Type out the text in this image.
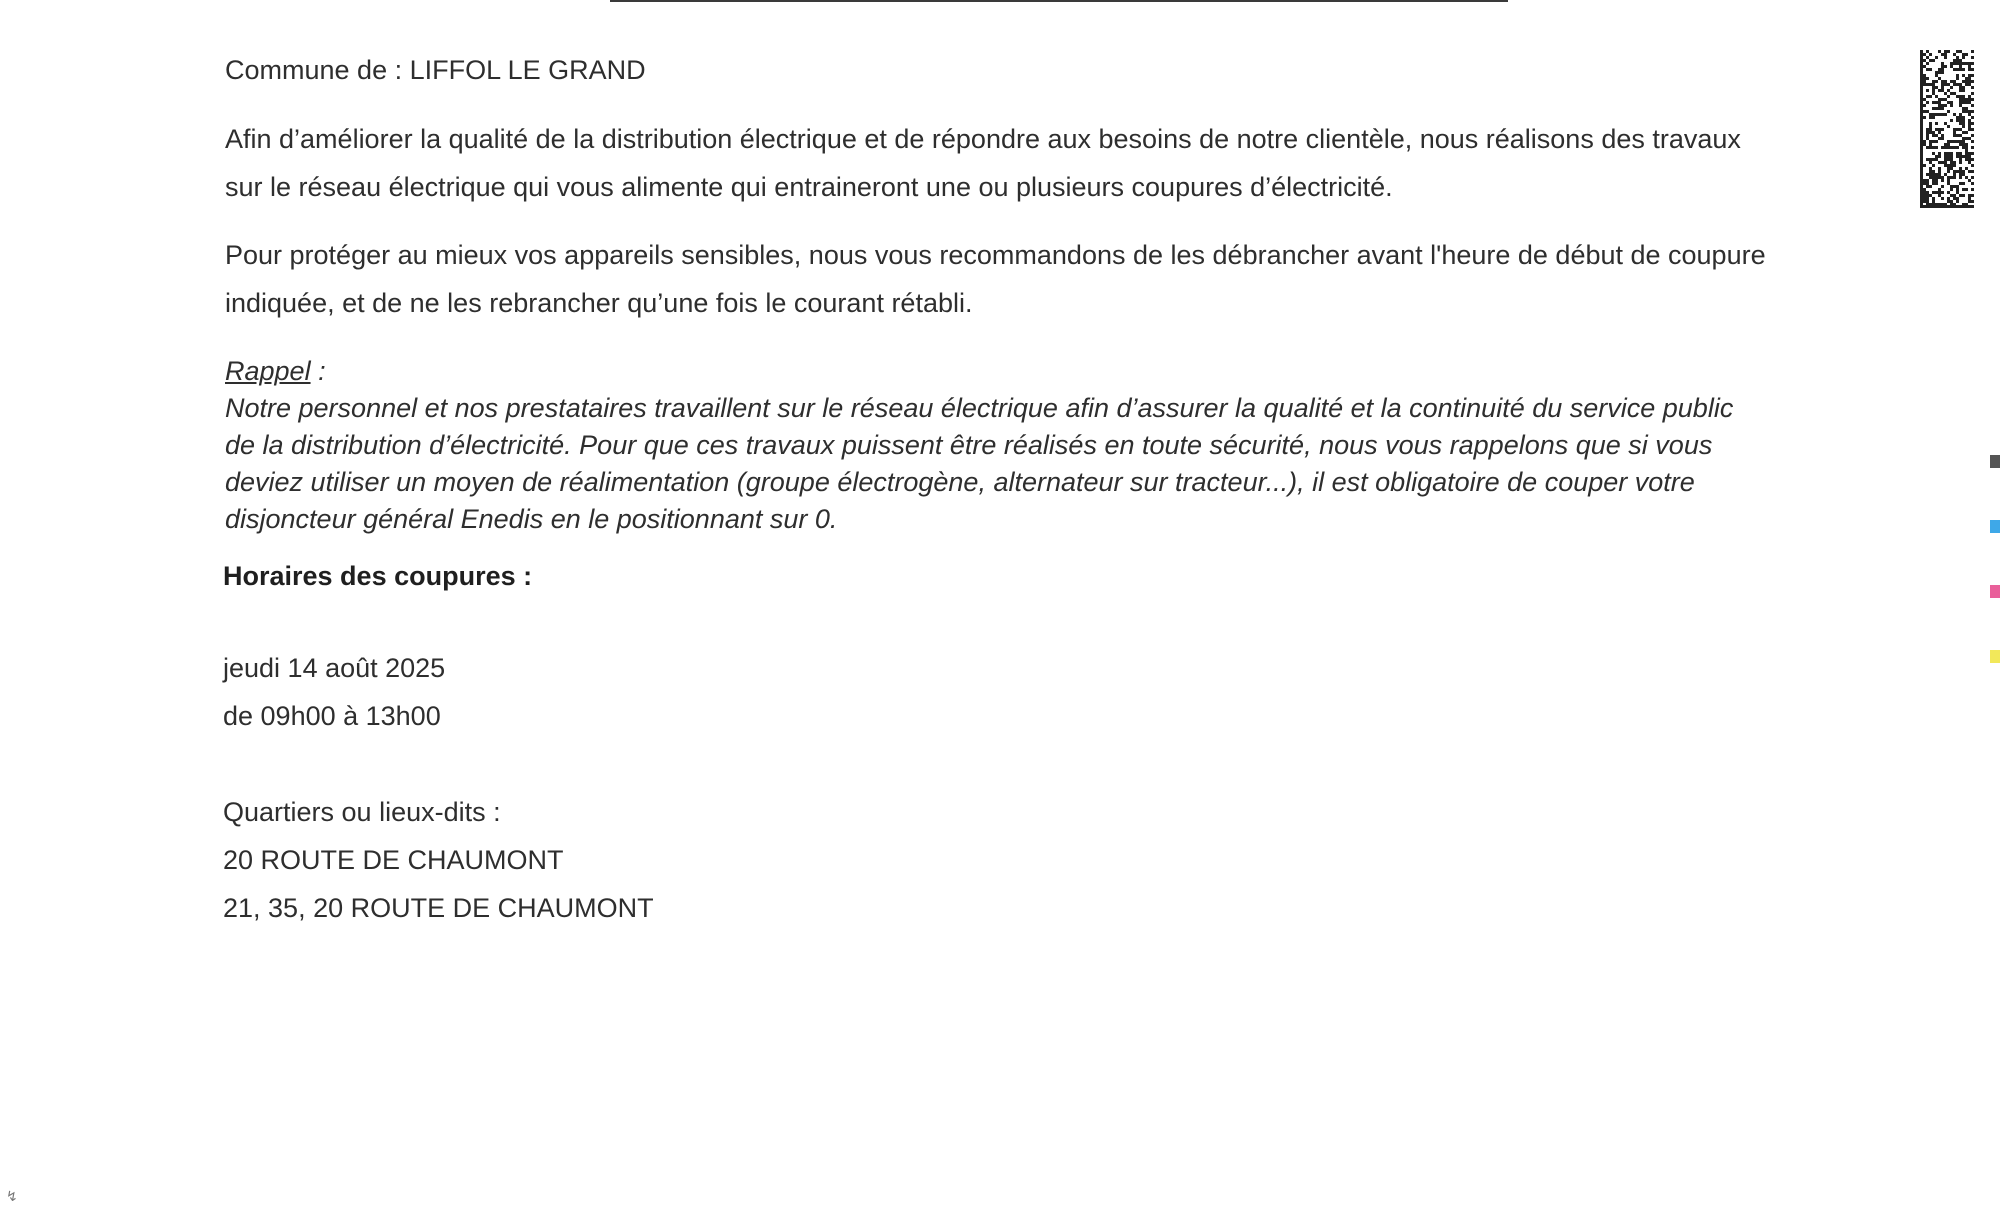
Commune de : LIFFOL LE GRAND
Afin d’améliorer la qualité de la distribution électrique et de répondre aux besoins de notre clientèle, nous réalisons des travaux
sur le réseau électrique qui vous alimente qui entraineront une ou plusieurs coupures d’électricité.
Pour protéger au mieux vos appareils sensibles, nous vous recommandons de les débrancher avant l'heure de début de coupure
indiquée, et de ne les rebrancher qu’une fois le courant rétabli.
Rappel :
Notre personnel et nos prestataires travaillent sur le réseau électrique afin d’assurer la qualité et la continuité du service public
de la distribution d’électricité. Pour que ces travaux puissent être réalisés en toute sécurité, nous vous rappelons que si vous
deviez utiliser un moyen de réalimentation (groupe électrogène, alternateur sur tracteur...), il est obligatoire de couper votre
disjoncteur général Enedis en le positionnant sur 0.
Horaires des coupures :
jeudi 14 août 2025
de 09h00 à 13h00
Quartiers ou lieux-dits :
20 ROUTE DE CHAUMONT
21, 35, 20 ROUTE DE CHAUMONT
↯
